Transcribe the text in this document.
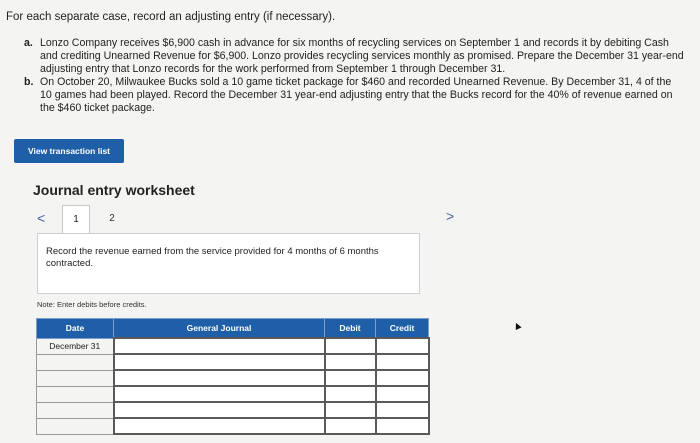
For each separate case, record an adjusting entry (if necessary).
a. Lonzo Company receives $6,900 cash in advance for six months of recycling services on September 1 and records it by debiting Cash and crediting Unearned Revenue for $6,900. Lonzo provides recycling services monthly as promised. Prepare the December 31 year-end adjusting entry that Lonzo records for the work performed from September 1 through December 31.
b. On October 20, Milwaukee Bucks sold a 10 game ticket package for $460 and recorded Unearned Revenue. By December 31, 4 of the 10 games had been played. Record the December 31 year-end adjusting entry that the Bucks record for the 40% of revenue earned on the $460 ticket package.
View transaction list
Journal entry worksheet
<	1	2	>
Record the revenue earned from the service provided for 4 months of 6 months contracted.
Note: Enter debits before credits.
Date	General Journal	Debit	Credit
December 31			

▲
